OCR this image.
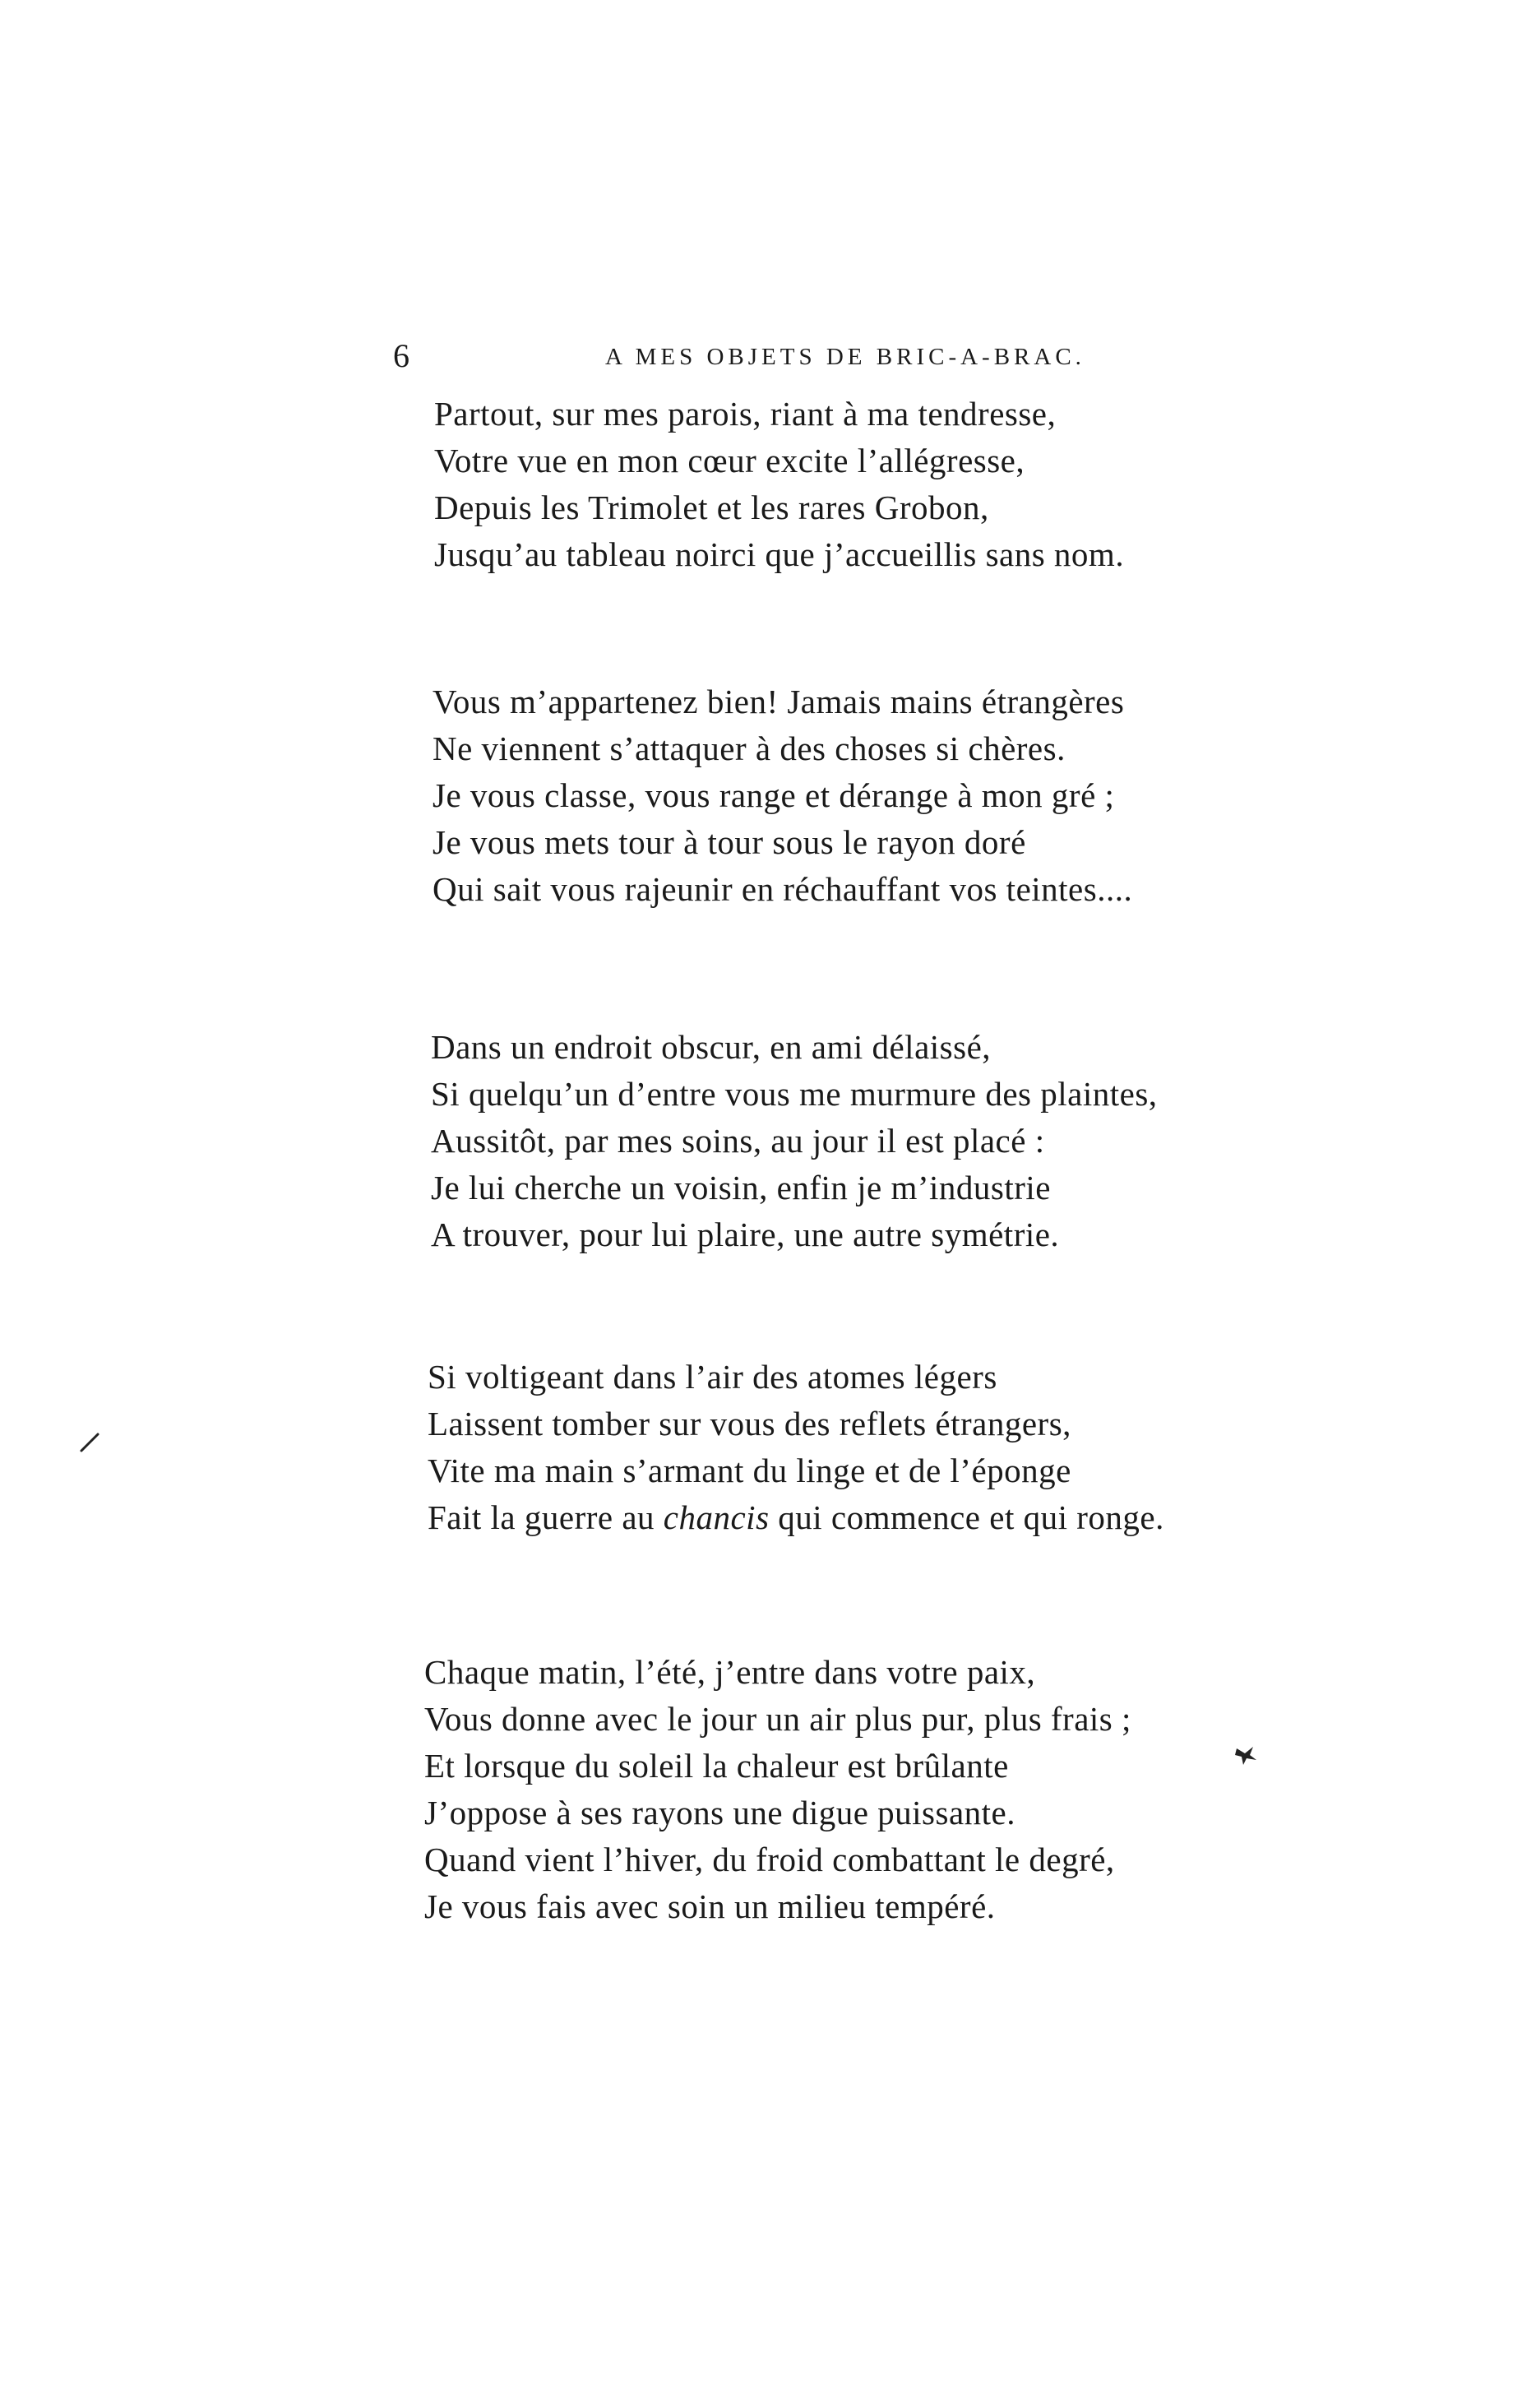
6	A MES OBJETS DE BRIC-A-BRAC.
Partout, sur mes parois, riant à ma tendresse,
Votre vue en mon cœur excite l’allégresse,
Depuis les Trimolet et les rares Grobon,
Jusqu’au tableau noirci que j’accueillis sans nom.
Vous m’appartenez bien! Jamais mains étrangères
Ne viennent s’attaquer à des choses si chères.
Je vous classe, vous range et dérange à mon gré ;
Je vous mets tour à tour sous le rayon doré
Qui sait vous rajeunir en réchauffant vos teintes....
Dans un endroit obscur, en ami délaissé,
Si quelqu’un d’entre vous me murmure des plaintes,
Aussitôt, par mes soins, au jour il est placé :
Je lui cherche un voisin, enfin je m’industrie
A trouver, pour lui plaire, une autre symétrie.
Si voltigeant dans l’air des atomes légers
Laissent tomber sur vous des reflets étrangers,
Vite ma main s’armant du linge et de l’éponge
Fait la guerre au chancis qui commence et qui ronge.
Chaque matin, l’été, j’entre dans votre paix,
Vous donne avec le jour un air plus pur, plus frais ;
Et lorsque du soleil la chaleur est brûlante
J’oppose à ses rayons une digue puissante.
Quand vient l’hiver, du froid combattant le degré,
Je vous fais avec soin un milieu tempéré.
